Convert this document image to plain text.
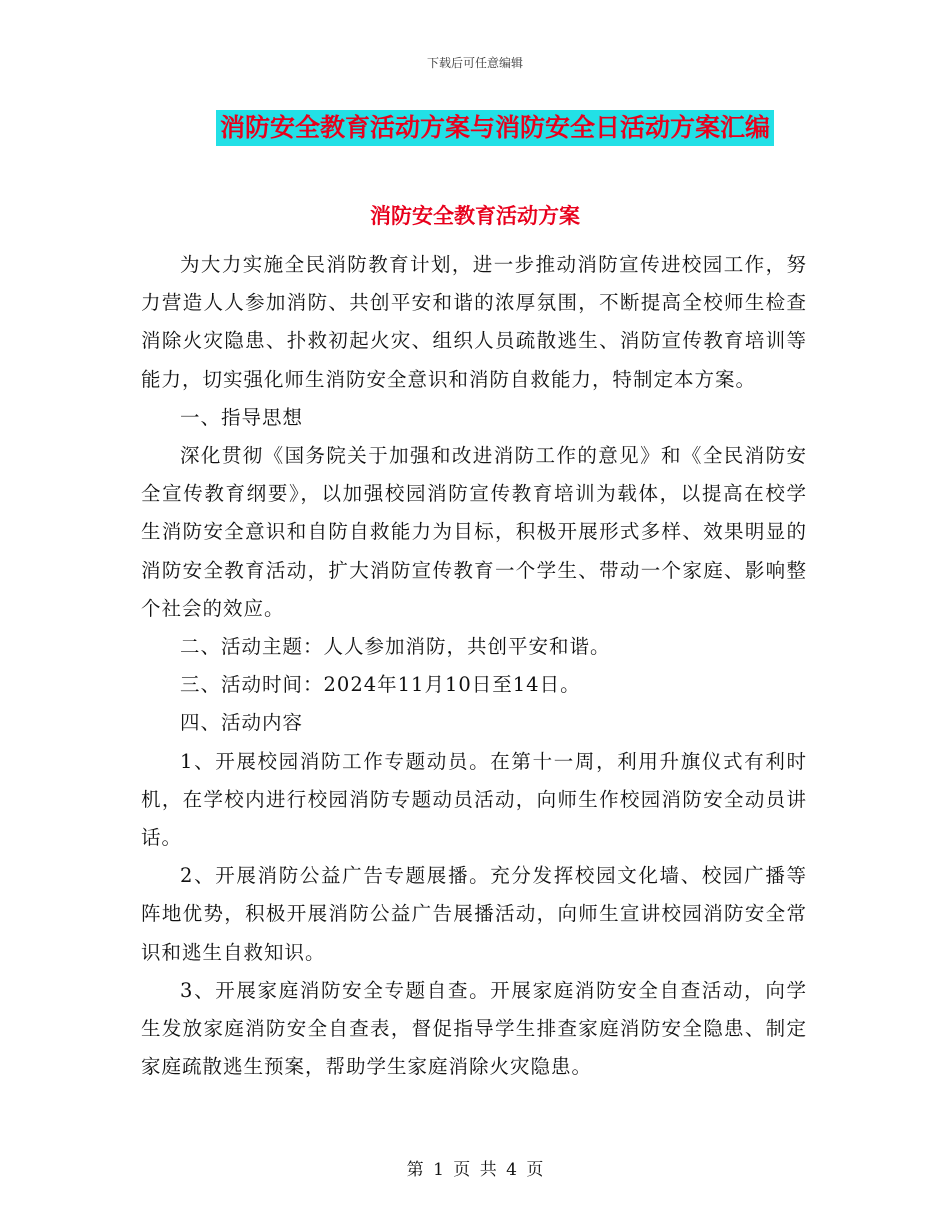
下载后可任意编辑
消防安全教育活动方案与消防安全日活动方案汇编
消防安全教育活动方案

为大力实施全民消防教育计划，进一步推动消防宣传进校园工作，努力营造人人参加消防、共创平安和谐的浓厚氛围，不断提高全校师生检查消除火灾隐患、扑救初起火灾、组织人员疏散逃生、消防宣传教育培训等能力，切实强化师生消防安全意识和消防自救能力，特制定本方案。

一、指导思想

深化贯彻《国务院关于加强和改进消防工作的意见》和《全民消防安全宣传教育纲要》，以加强校园消防宣传教育培训为载体，以提高在校学生消防安全意识和自防自救能力为目标，积极开展形式多样、效果明显的消防安全教育活动，扩大消防宣传教育一个学生、带动一个家庭、影响整个社会的效应。

二、活动主题：人人参加消防，共创平安和谐。

三、活动时间：2024年11月10日至14日。

四、活动内容

1、开展校园消防工作专题动员。在第十一周，利用升旗仪式有利时机，在学校内进行校园消防专题动员活动，向师生作校园消防安全动员讲话。

2、开展消防公益广告专题展播。充分发挥校园文化墙、校园广播等阵地优势，积极开展消防公益广告展播活动，向师生宣讲校园消防安全常识和逃生自救知识。

3、开展家庭消防安全专题自查。开展家庭消防安全自查活动，向学生发放家庭消防安全自查表，督促指导学生排查家庭消防安全隐患、制定家庭疏散逃生预案，帮助学生家庭消除火灾隐患。

第 1 页 共 4 页
